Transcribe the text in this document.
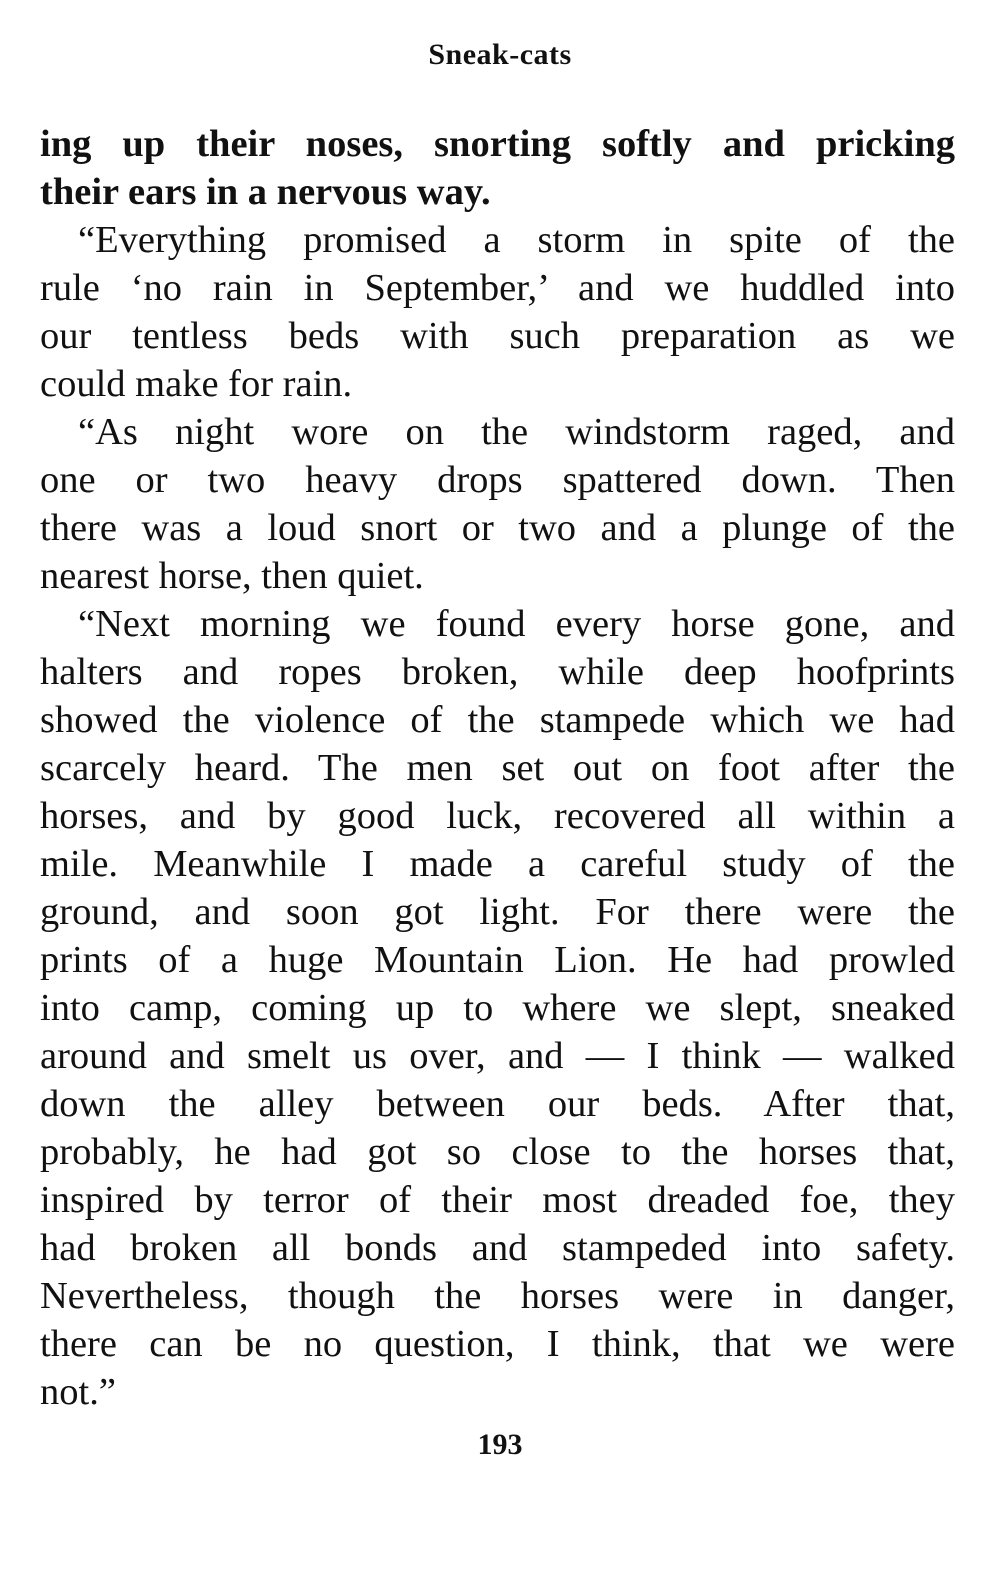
Sneak-cats

ing up their noses, snorting softly and pricking
their ears in a nervous way.

“Everything promised a storm in spite of the
rule ‘no rain in September,’ and we huddled into
our tentless beds with such preparation as we
could make for rain.

“As night wore on the windstorm raged, and
one or two heavy drops spattered down. Then
there was a loud snort or two and a plunge of the
nearest horse, then quiet.

“Next morning we found every horse gone, and
halters and ropes broken, while deep hoofprints
showed the violence of the stampede which we had
scarcely heard. The men set out on foot after the
horses, and by good luck, recovered all within a
mile. Meanwhile I made a careful study of the
ground, and soon got light. For there were the
prints of a huge Mountain Lion. He had prowled
into camp, coming up to where we slept, sneaked
around and smelt us over, and — I think — walked
down the alley between our beds. After that,
probably, he had got so close to the horses that,
inspired by terror of their most dreaded foe, they
had broken all bonds and stampeded into safety.
Nevertheless, though the horses were in danger,
there can be no question, I think, that we were
not.”

193
